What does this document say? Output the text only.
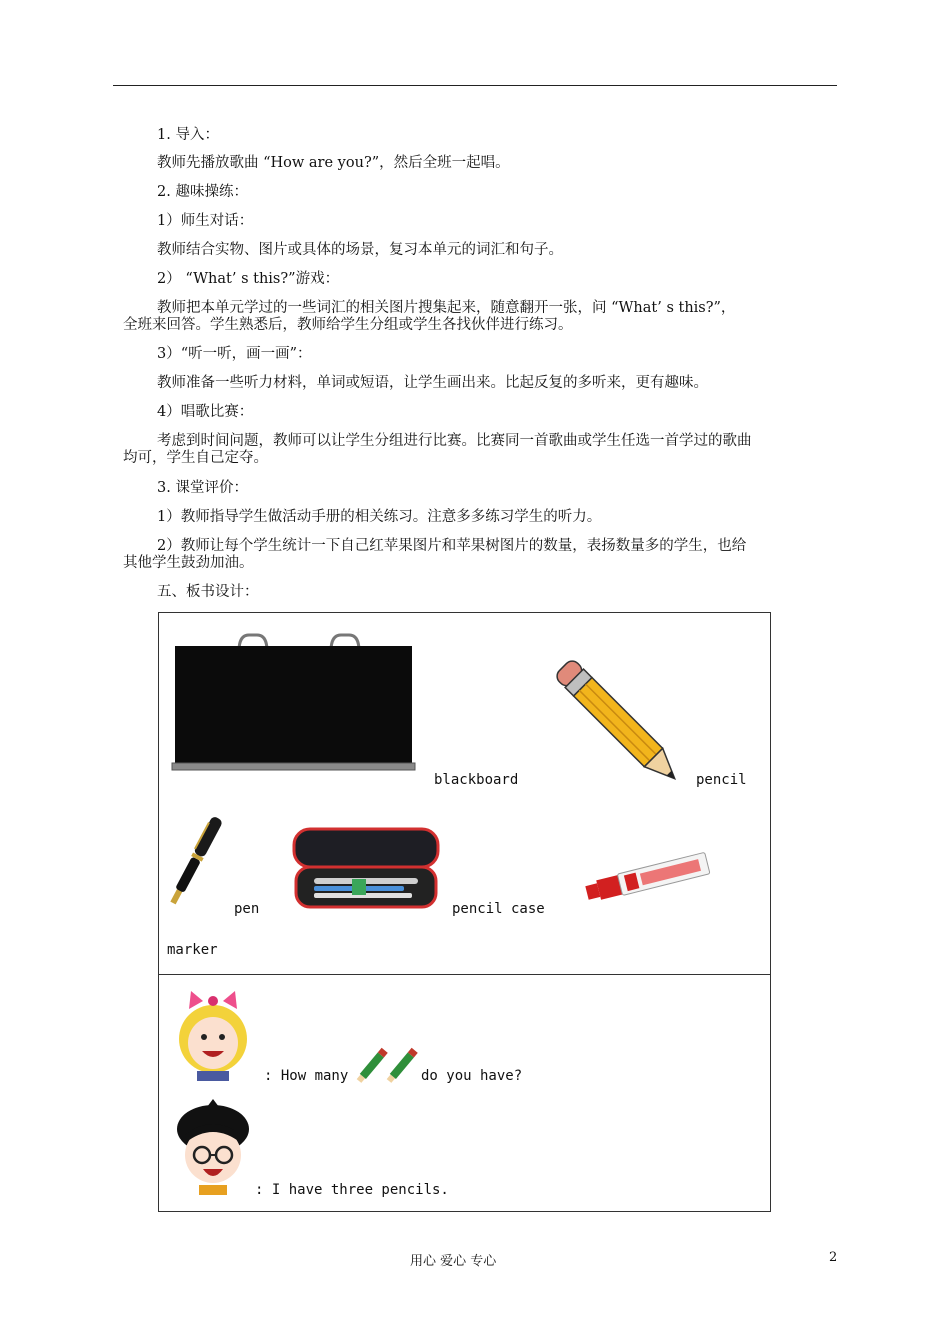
1. 导入：
教师先播放歌曲 “How are you?”，然后全班一起唱。
2. 趣味操练：
1）师生对话：
教师结合实物、图片或具体的场景，复习本单元的词汇和句子。
2） “What’ s this?”游戏：
教师把本单元学过的一些词汇的相关图片搜集起来，随意翻开一张，问 “What’ s this?”，
全班来回答。学生熟悉后，教师给学生分组或学生各找伙伴进行练习。
3）“听一听，画一画”：
教师准备一些听力材料，单词或短语，让学生画出来。比起反复的多听来，更有趣味。
4）唱歌比赛：
考虑到时间问题，教师可以让学生分组进行比赛。比赛同一首歌曲或学生任选一首学过的歌曲
均可，学生自己定夺。
3. 课堂评价：
1）教师指导学生做活动手册的相关练习。注意多多练习学生的听力。
2）教师让每个学生统计一下自己红苹果图片和苹果树图片的数量，表扬数量多的学生，也给
其他学生鼓劲加油。
五、板书设计：
blackboard	pencil
pen	pencil case
marker
: How many	do you have?
: I have three pencils.
用心 爱心 专心	2
